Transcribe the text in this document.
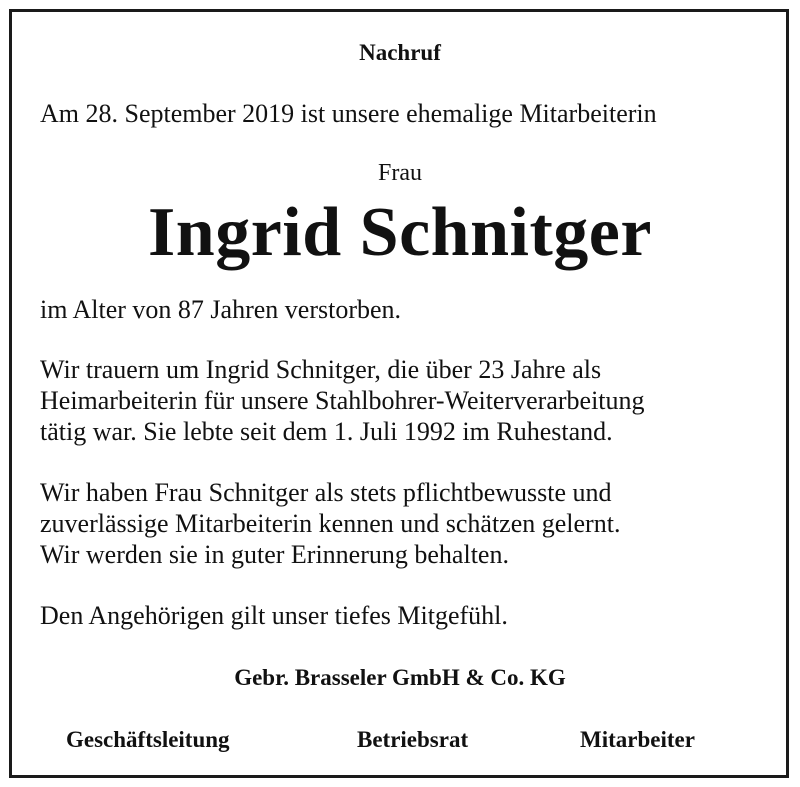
Nachruf
Am 28. September 2019 ist unsere ehemalige Mitarbeiterin
Frau
Ingrid Schnitger
im Alter von 87 Jahren verstorben.
Wir trauern um Ingrid Schnitger, die über 23 Jahre als
Heimarbeiterin für unsere Stahlbohrer-Weiterverarbeitung
tätig war. Sie lebte seit dem 1. Juli 1992 im Ruhestand.
Wir haben Frau Schnitger als stets pflichtbewusste und
zuverlässige Mitarbeiterin kennen und schätzen gelernt.
Wir werden sie in guter Erinnerung behalten.
Den Angehörigen gilt unser tiefes Mitgefühl.
Gebr. Brasseler GmbH & Co. KG
Geschäftsleitung	Betriebsrat	Mitarbeiter
